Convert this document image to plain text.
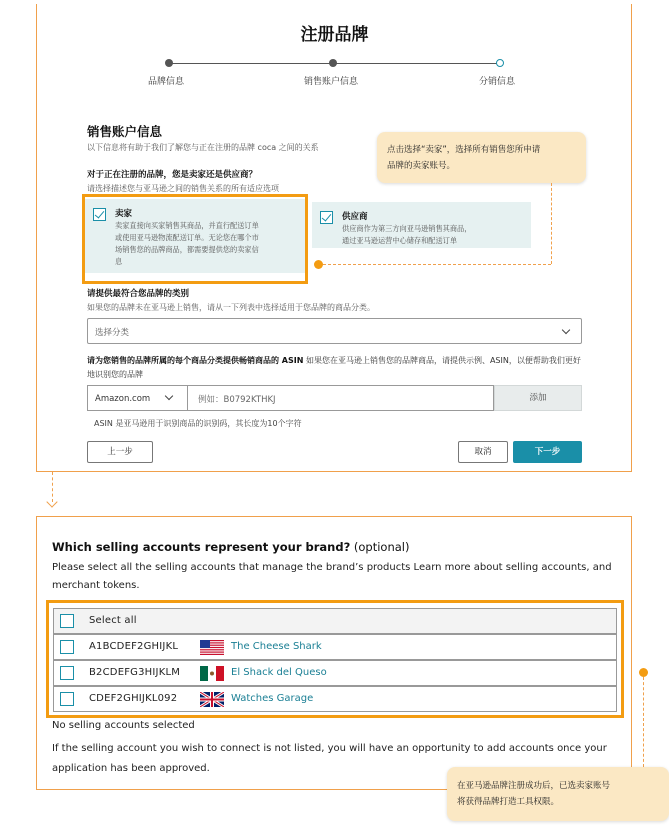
注册品牌
品牌信息	销售账户信息	分销信息
销售账户信息
以下信息将有助于我们了解您与正在注册的品牌 coca 之间的关系
对于正在注册的品牌，您是卖家还是供应商？
请选择描述您与亚马逊之间的销售关系的所有适应选项
卖家
卖家直接向买家销售其商品，并直行配送订单
或使用亚马逊物流配送订单。无论您在哪个市
场销售您的品牌商品，都需要提供您的卖家信
息
供应商
供应商作为第三方向亚马逊销售其商品，
通过亚马逊运营中心储存和配送订单
点击选择“卖家”，选择所有销售您所申请
品牌的卖家账号。
请提供最符合您品牌的类别
如果您的品牌未在亚马逊上销售，请从一下列表中选择适用于您品牌的商品分类。
选择分类
请为您销售的品牌所属的每个商品分类提供畅销商品的 ASIN 如果您在亚马逊上销售您的品牌商品，请提供示例、ASIN，以便帮助我们更好地识别您的品牌
Amazon.com	例如：B0792KTHKJ	添加
ASIN 是亚马逊用于识别商品的识别码，其长度为10个字符
上一步	取消	下一步
Which selling accounts represent your brand? (optional)
Please select all the selling accounts that manage the brand’s products Learn more about selling accounts, and merchant tokens.
Select all
A1BCDEF2GHIJKL	The Cheese Shark
B2CDEFG3HIJKLM	El Shack del Queso
CDEF2GHIJKL092	Watches Garage
No selling accounts selected
If the selling account you wish to connect is not listed, you will have an opportunity to add accounts once your application has been approved.
在亚马逊品牌注册成功后，已选卖家账号
将获得品牌打造工具权限。
